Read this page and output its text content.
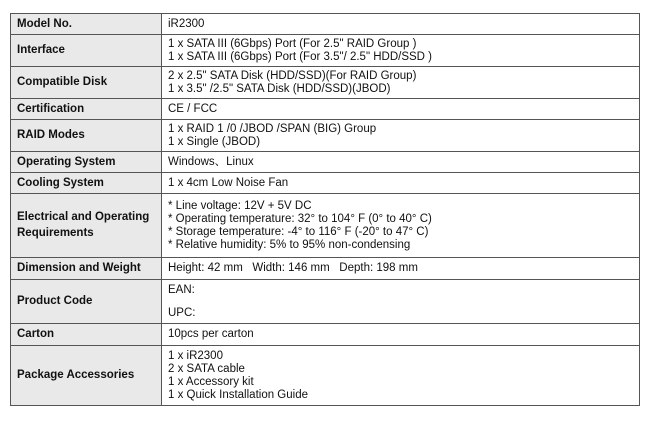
Model No.	iR2300

Interface	1 x SATA III (6Gbps) Port (For 2.5" RAID Group )
1 x SATA III (6Gbps) Port (For 3.5"/ 2.5" HDD/SSD )

Compatible Disk	2 x 2.5" SATA Disk (HDD/SSD)(For RAID Group)
1 x 3.5" /2.5" SATA Disk (HDD/SSD)(JBOD)

Certification	CE / FCC

RAID Modes	1 x RAID 1 /0 /JBOD /SPAN (BIG) Group
1 x Single (JBOD)

Operating System	Windows、Linux

Cooling System	1 x 4cm Low Noise Fan

Electrical and Operating
Requirements	* Line voltage: 12V + 5V DC
* Operating temperature: 32° to 104° F (0° to 40° C)
* Storage temperature: -4° to 116° F (-20° to 47° C)
* Relative humidity: 5% to 95% non-condensing

Dimension and Weight	Height: 42 mm   Width: 146 mm   Depth: 198 mm

Product Code	EAN:
UPC:

Carton	10pcs per carton

Package Accessories	1 x iR2300
2 x SATA cable
1 x Accessory kit
1 x Quick Installation Guide
